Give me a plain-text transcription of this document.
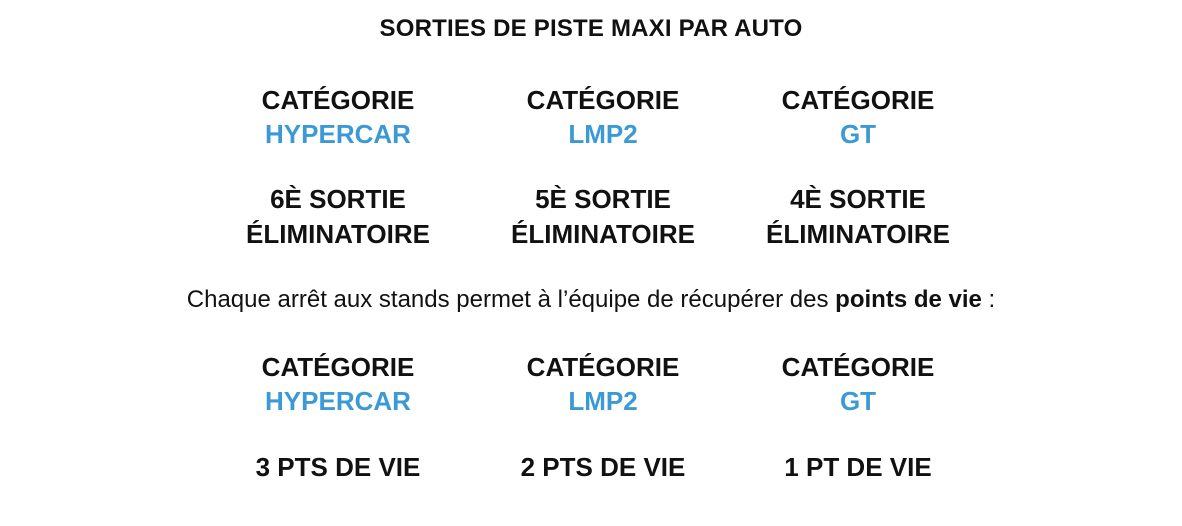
SORTIES DE PISTE MAXI PAR AUTO
CATÉGORIE
HYPERCAR
CATÉGORIE
LMP2
CATÉGORIE
GT
6È SORTIE
ÉLIMINATOIRE
5È SORTIE
ÉLIMINATOIRE
4È SORTIE
ÉLIMINATOIRE
Chaque arrêt aux stands permet à l’équipe de récupérer des points de vie :
CATÉGORIE
HYPERCAR
CATÉGORIE
LMP2
CATÉGORIE
GT
3 PTS DE VIE	2 PTS DE VIE	1 PT DE VIE
